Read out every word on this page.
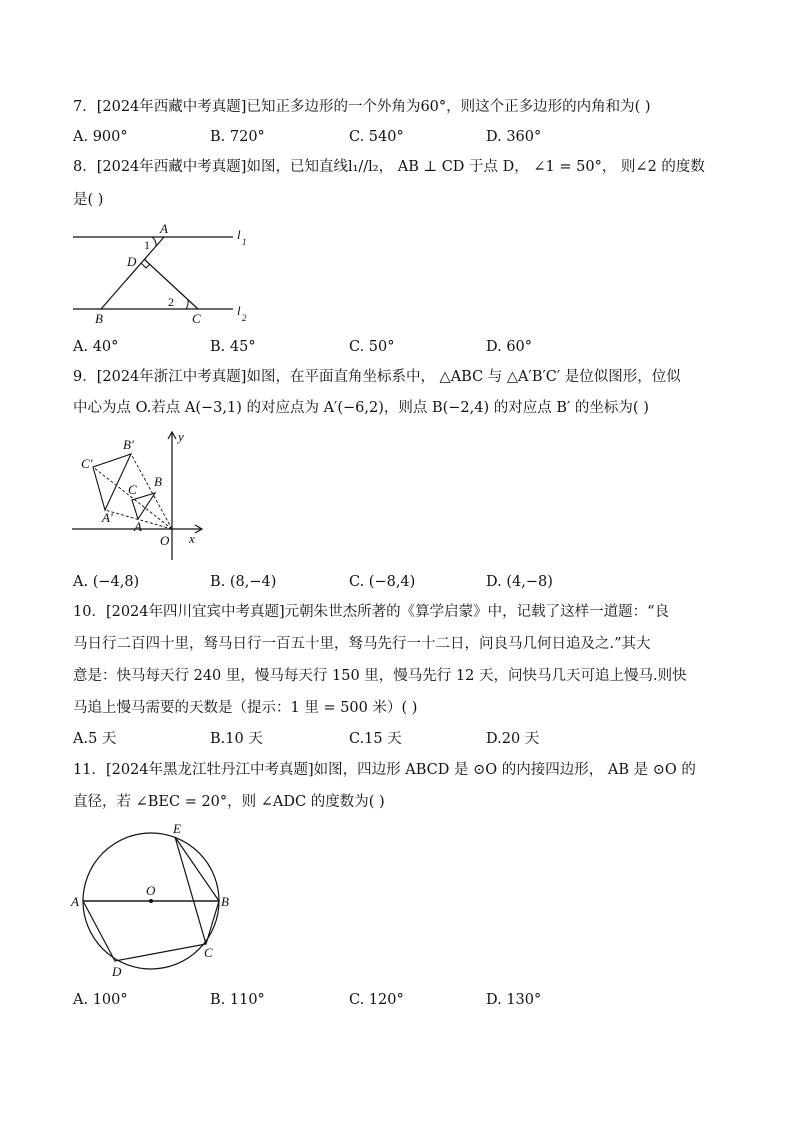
7．[2024年西藏中考真题]已知正多边形的一个外角为60°，则这个正多边形的内角和为( )
A. 900°	B. 720°	C. 540°	D. 360°
8．[2024年西藏中考真题]如图，已知直线l₁//l₂， AB ⊥ CD 于点 D， ∠1 = 50°， 则∠2 的度数
是( )
A
1
D
2
B	C
l 1
l 2
A. 40°	B. 45°	C. 50°	D. 60°
9．[2024年浙江中考真题]如图，在平面直角坐标系中， △ABC 与 △A′B′C′ 是位似图形，位似
中心为点 O.若点 A(−3,1) 的对应点为 A′(−6,2)，则点 B(−2,4) 的对应点 B′ 的坐标为( )
B′
C′
B
C
A′
A
O x
y
A. (−4,8)	B. (8,−4)	C. (−8,4)	D. (4,−8)
10．[2024年四川宜宾中考真题]元朝朱世杰所著的《算学启蒙》中，记载了这样一道题：“良
马日行二百四十里，驽马日行一百五十里，驽马先行一十二日，问良马几何日追及之.”其大
意是：快马每天行 240 里，慢马每天行 150 里，慢马先行 12 天，问快马几天可追上慢马.则快
马追上慢马需要的天数是（提示：1 里 = 500 米）( )
A.5 天	B.10 天	C.15 天	D.20 天
11．[2024年黑龙江牡丹江中考真题]如图，四边形 ABCD 是 ⊙O 的内接四边形， AB 是 ⊙O 的
直径，若 ∠BEC = 20°，则 ∠ADC 的度数为( )
E
O
A	B
C
D
A. 100°	B. 110°	C. 120°	D. 130°
